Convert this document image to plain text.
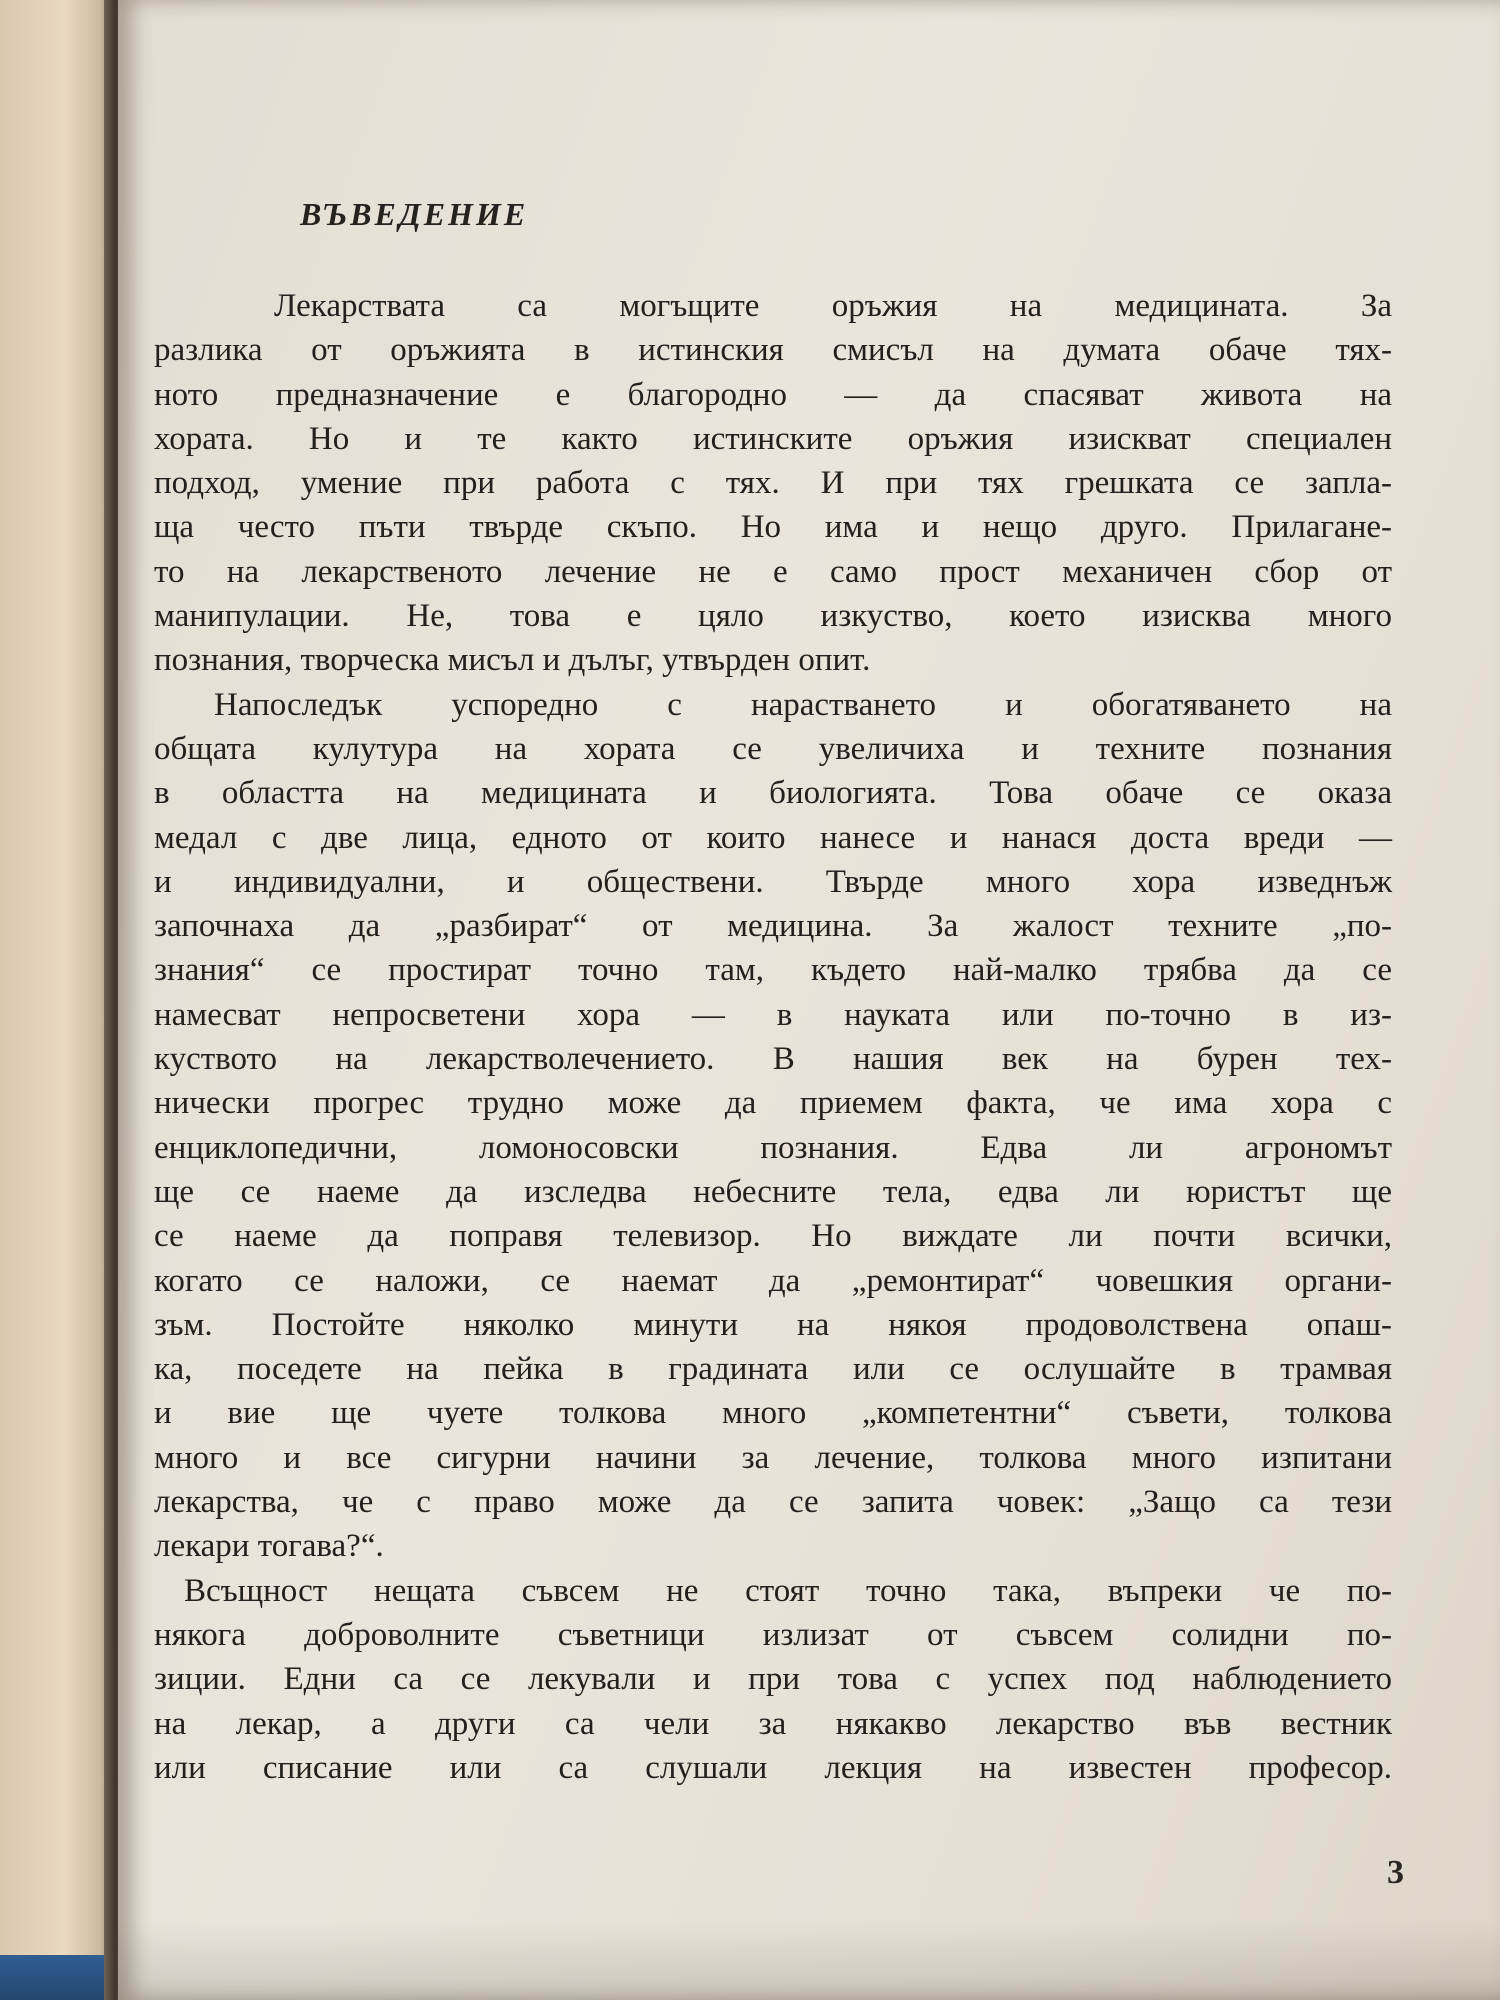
ВЪВЕДЕНИЕ

Лекарствата са могъщите оръжия на медицината. За

разлика от оръжията в истинския смисъл на думата обаче тях-

ното предназначение е благородно — да спасяват живота на

хората. Но и те както истинските оръжия изискват специален

подход, умение при работа с тях. И при тях грешката се запла-

ща често пъти твърде скъпо. Но има и нещо друго. Прилагане-

то на лекарственото лечение не е само прост механичен сбор от

манипулации. Не, това е цяло изкуство, което изисква много

познания, творческа мисъл и дълъг, утвърден опит.

Напоследък успоредно с нарастването и обогатяването на

общата кулутура на хората се увеличиха и техните познания

в областта на медицината и биологията. Това обаче се оказа

медал с две лица, едното от които нанесе и нанася доста вреди —

и индивидуални, и обществени. Твърде много хора изведнъж

започнаха да „разбират“ от медицина. За жалост техните „по-

знания“ се простират точно там, където най-малко трябва да се

намесват непросветени хора — в науката или по-точно в из-

куството на лекарстволечението. В нашия век на бурен тех-

нически прогрес трудно може да приемем факта, че има хора с

енциклопедични, ломоносовски познания. Едва ли агрономът

ще се наеме да изследва небесните тела, едва ли юристът ще

се наеме да поправя телевизор. Но виждате ли почти всички,

когато се наложи, се наемат да „ремонтират“ човешкия органи-

зъм. Постойте няколко минути на някоя продоволствена опаш-

ка, поседете на пейка в градината или се ослушайте в трамвая

и вие ще чуете толкова много „компетентни“ съвети, толкова

много и все сигурни начини за лечение, толкова много изпитани

лекарства, че с право може да се запита човек: „Защо са тези

лекари тогава?“.

Всъщност нещата съвсем не стоят точно така, въпреки че по-

някога доброволните съветници излизат от съвсем солидни по-

зиции. Едни са се лекували и при това с успех под наблюдението

на лекар, а други са чели за някакво лекарство във вестник

или списание или са слушали лекция на известен професор.

3
